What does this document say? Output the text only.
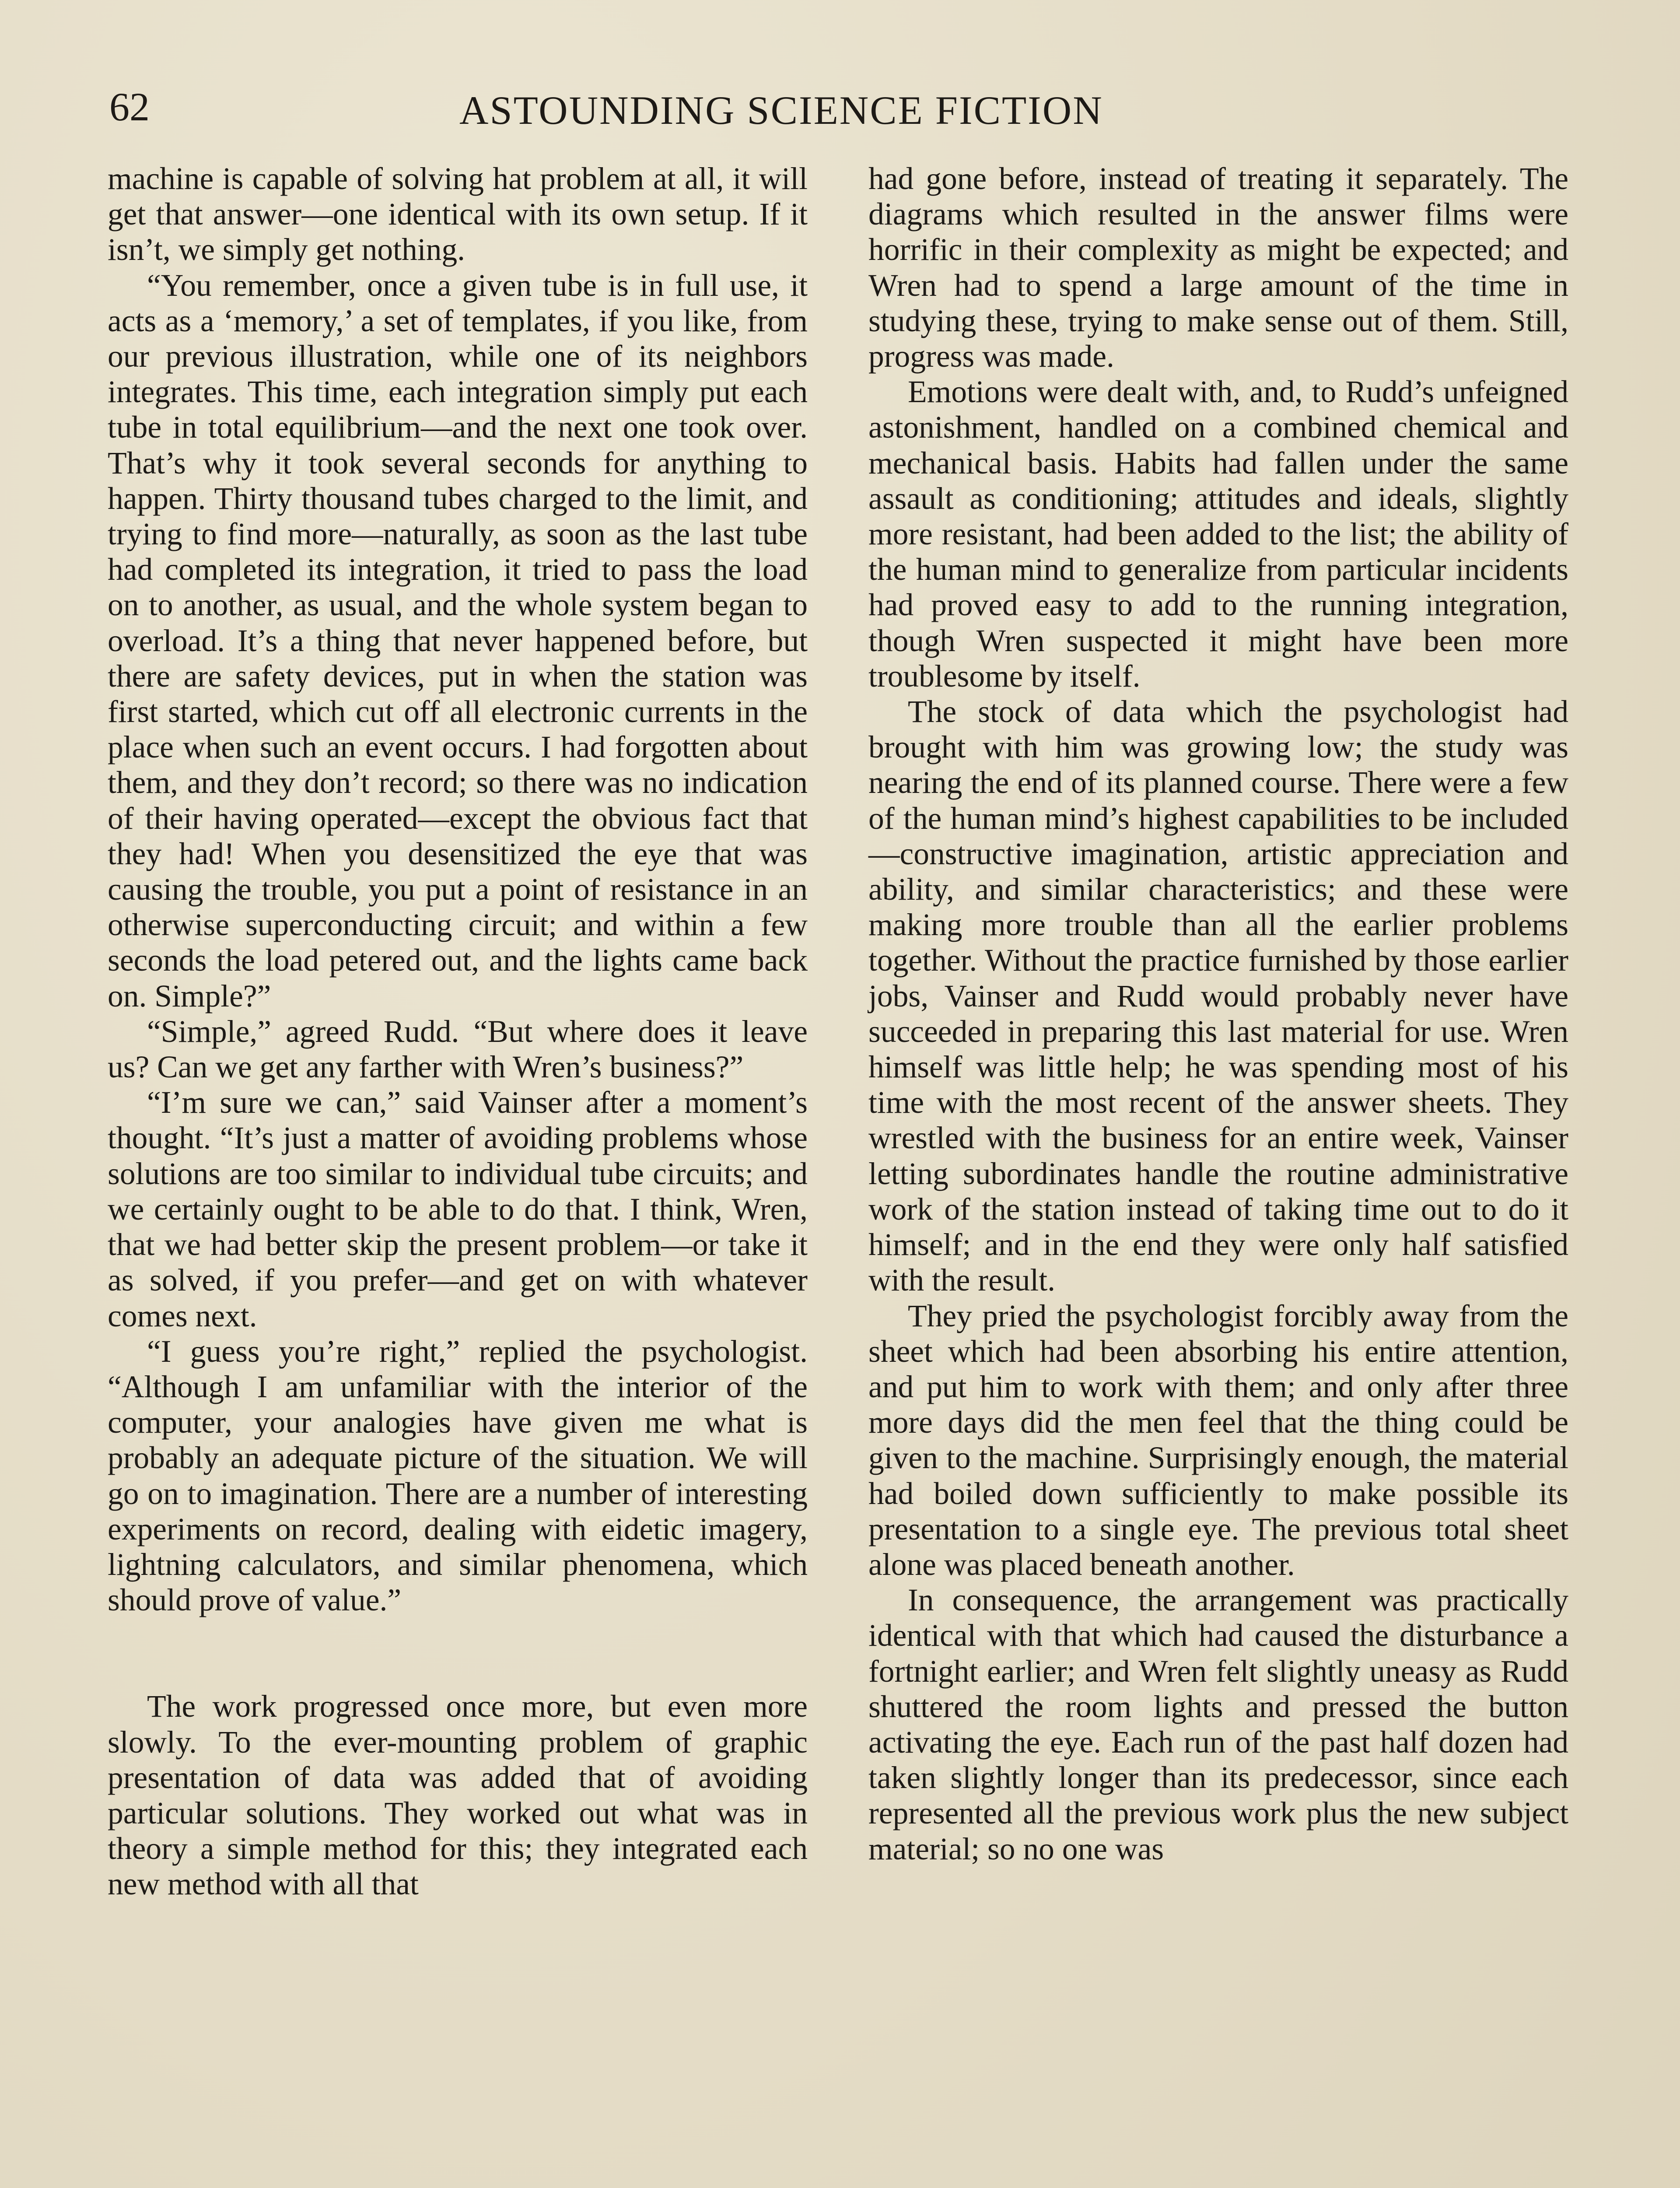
62	ASTOUNDING SCIENCE FICTION

machine is capable of solving hat problem at all, it will get that answer—one identical with its own setup. If it isn’t, we simply get nothing.

“You remember, once a given tube is in full use, it acts as a ‘memory,’ a set of templates, if you like, from our previous illustration, while one of its neighbors integrates. This time, each integration simply put each tube in total equilibrium—and the next one took over. That’s why it took several seconds for anything to happen. Thirty thousand tubes charged to the limit, and trying to find more—naturally, as soon as the last tube had completed its integration, it tried to pass the load on to another, as usual, and the whole system began to overload. It’s a thing that never happened before, but there are safety devices, put in when the station was first started, which cut off all electronic currents in the place when such an event occurs. I had forgotten about them, and they don’t record; so there was no indication of their having operated—except the obvious fact that they had! When you desensitized the eye that was causing the trouble, you put a point of resistance in an otherwise superconducting circuit; and within a few seconds the load petered out, and the lights came back on. Simple?”

“Simple,” agreed Rudd. “But where does it leave us? Can we get any farther with Wren’s business?”

“I’m sure we can,” said Vainser after a moment’s thought. “It’s just a matter of avoiding problems whose solutions are too similar to individual tube circuits; and we certainly ought to be able to do that. I think, Wren, that we had better skip the present problem—or take it as solved, if you prefer—and get on with whatever comes next.

“I guess you’re right,” replied the psychologist. “Although I am unfamiliar with the interior of the computer, your analogies have given me what is probably an adequate picture of the situation. We will go on to imagination. There are a number of interesting experiments on record, dealing with eidetic imagery, lightning calculators, and similar phenomena, which should prove of value.”

The work progressed once more, but even more slowly. To the ever-mounting problem of graphic presentation of data was added that of avoiding particular solutions. They worked out what was in theory a simple method for this; they integrated each new method with all that

had gone before, instead of treating it separately. The diagrams which resulted in the answer films were horrific in their complexity as might be expected; and Wren had to spend a large amount of the time in studying these, trying to make sense out of them. Still, progress was made.

Emotions were dealt with, and, to Rudd’s unfeigned astonishment, handled on a combined chemical and mechanical basis. Habits had fallen under the same assault as conditioning; attitudes and ideals, slightly more resistant, had been added to the list; the ability of the human mind to generalize from particular incidents had proved easy to add to the running integration, though Wren suspected it might have been more troublesome by itself.

The stock of data which the psychologist had brought with him was growing low; the study was nearing the end of its planned course. There were a few of the human mind’s highest capabilities to be included—constructive imagination, artistic appreciation and ability, and similar characteristics; and these were making more trouble than all the earlier problems together. Without the practice furnished by those earlier jobs, Vainser and Rudd would probably never have succeeded in preparing this last material for use. Wren himself was little help; he was spending most of his time with the most recent of the answer sheets. They wrestled with the business for an entire week, Vainser letting subordinates handle the routine administrative work of the station instead of taking time out to do it himself; and in the end they were only half satisfied with the result.

They pried the psychologist forcibly away from the sheet which had been absorbing his entire attention, and put him to work with them; and only after three more days did the men feel that the thing could be given to the machine. Surprisingly enough, the material had boiled down sufficiently to make possible its presentation to a single eye. The previous total sheet alone was placed beneath another.

In consequence, the arrangement was practically identical with that which had caused the disturbance a fortnight earlier; and Wren felt slightly uneasy as Rudd shuttered the room lights and pressed the button activating the eye. Each run of the past half dozen had taken slightly longer than its predecessor, since each represented all the previous work plus the new subject material; so no one was
